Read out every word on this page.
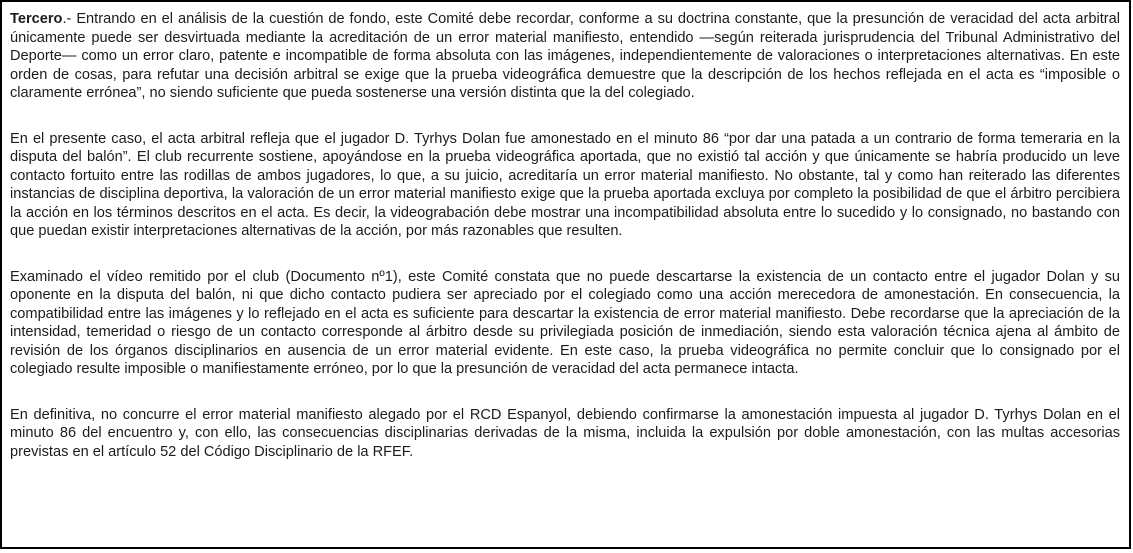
Tercero.- Entrando en el análisis de la cuestión de fondo, este Comité debe recordar, conforme a su doctrina constante, que la presunción de veracidad del acta arbitral únicamente puede ser desvirtuada mediante la acreditación de un error material manifiesto, entendido —según reiterada jurisprudencia del Tribunal Administrativo del Deporte— como un error claro, patente e incompatible de forma absoluta con las imágenes, independientemente de valoraciones o interpretaciones alternativas. En este orden de cosas, para refutar una decisión arbitral se exige que la prueba videográfica demuestre que la descripción de los hechos reflejada en el acta es “imposible o claramente errónea”, no siendo suficiente que pueda sostenerse una versión distinta que la del colegiado.

En el presente caso, el acta arbitral refleja que el jugador D. Tyrhys Dolan fue amonestado en el minuto 86 “por dar una patada a un contrario de forma temeraria en la disputa del balón”. El club recurrente sostiene, apoyándose en la prueba videográfica aportada, que no existió tal acción y que únicamente se habría producido un leve contacto fortuito entre las rodillas de ambos jugadores, lo que, a su juicio, acreditaría un error material manifiesto. No obstante, tal y como han reiterado las diferentes instancias de disciplina deportiva, la valoración de un error material manifiesto exige que la prueba aportada excluya por completo la posibilidad de que el árbitro percibiera la acción en los términos descritos en el acta. Es decir, la videograbación debe mostrar una incompatibilidad absoluta entre lo sucedido y lo consignado, no bastando con que puedan existir interpretaciones alternativas de la acción, por más razonables que resulten.

Examinado el vídeo remitido por el club (Documento nº1), este Comité constata que no puede descartarse la existencia de un contacto entre el jugador Dolan y su oponente en la disputa del balón, ni que dicho contacto pudiera ser apreciado por el colegiado como una acción merecedora de amonestación. En consecuencia, la compatibilidad entre las imágenes y lo reflejado en el acta es suficiente para descartar la existencia de error material manifiesto. Debe recordarse que la apreciación de la intensidad, temeridad o riesgo de un contacto corresponde al árbitro desde su privilegiada posición de inmediación, siendo esta valoración técnica ajena al ámbito de revisión de los órganos disciplinarios en ausencia de un error material evidente. En este caso, la prueba videográfica no permite concluir que lo consignado por el colegiado resulte imposible o manifiestamente erróneo, por lo que la presunción de veracidad del acta permanece intacta.

En definitiva, no concurre el error material manifiesto alegado por el RCD Espanyol, debiendo confirmarse la amonestación impuesta al jugador D. Tyrhys Dolan en el minuto 86 del encuentro y, con ello, las consecuencias disciplinarias derivadas de la misma, incluida la expulsión por doble amonestación, con las multas accesorias previstas en el artículo 52 del Código Disciplinario de la RFEF.
